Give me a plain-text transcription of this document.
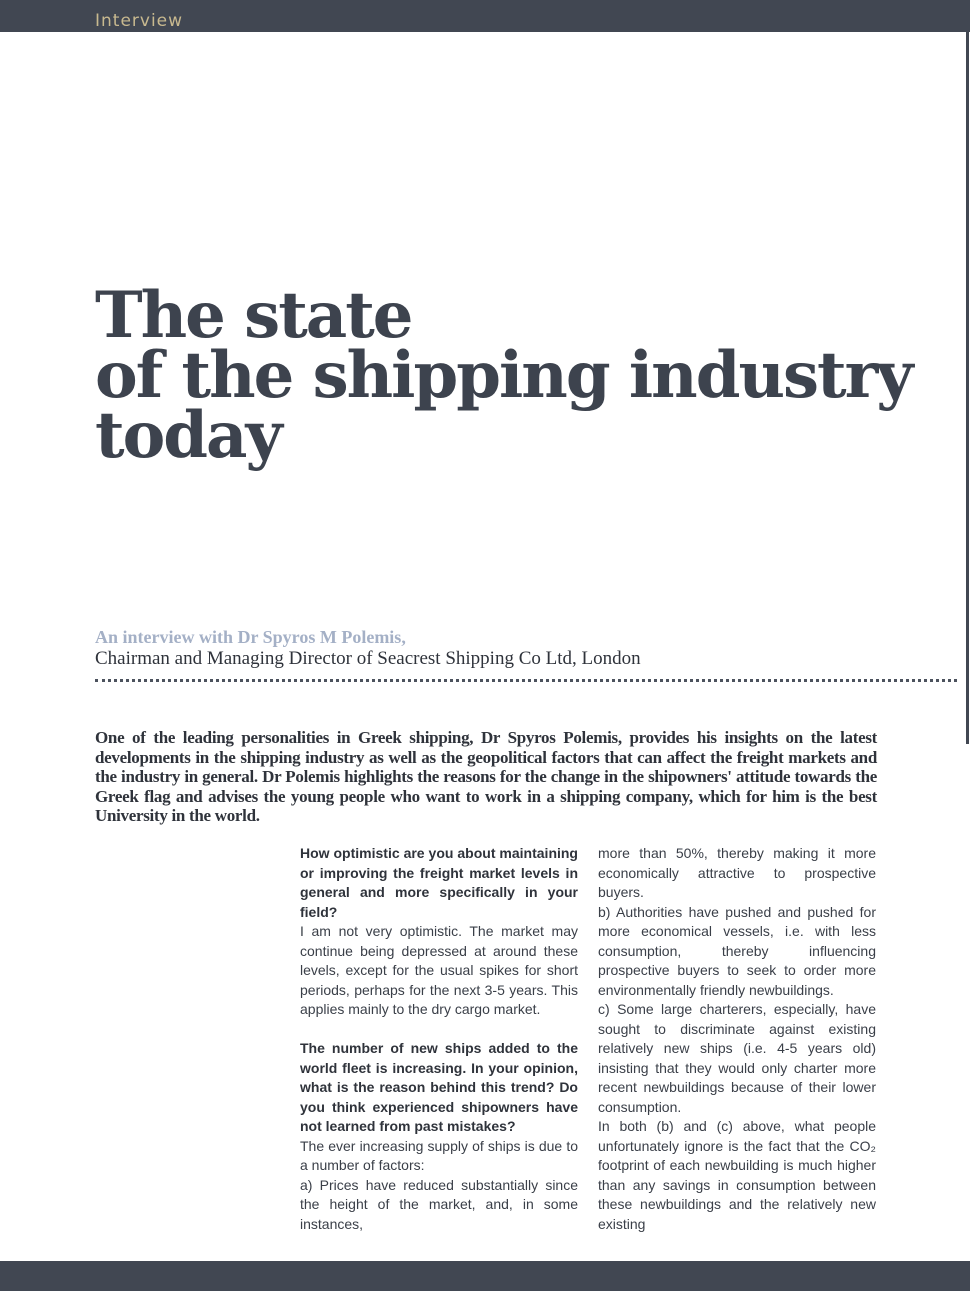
Interview
The state
of the shipping industry
today
An interview with Dr Spyros M Polemis,
Chairman and Managing Director of Seacrest Shipping Co Ltd, London

One of the leading personalities in Greek shipping, Dr Spyros Polemis, provides his insights on the latest developments in the shipping industry as well as the geopolitical factors that can affect the freight markets and the industry in general. Dr Polemis highlights the reasons for the change in the shipowners' attitude towards the Greek flag and advises the young people who want to work in a shipping company, which for him is the best University in the world.

How optimistic are you about maintaining or improving the freight market levels in general and more specifically in your field?

I am not very optimistic. The market may continue being depressed at around these levels, except for the usual spikes for short periods, perhaps for the next 3-5 years. This applies mainly to the dry cargo market.

The number of new ships added to the world fleet is increasing. In your opinion, what is the reason behind this trend? Do you think experienced shipowners have not learned from past mistakes?

The ever increasing supply of ships is due to a number of factors:

a) Prices have reduced substantially since the height of the market, and, in some instances,

more than 50%, thereby making it more economically attractive to prospective buyers.

b) Authorities have pushed and pushed for more economical vessels, i.e. with less consumption, thereby influencing prospective buyers to seek to order more environmentally friendly newbuildings.

c) Some large charterers, especially, have sought to discriminate against existing relatively new ships (i.e. 4-5 years old) insisting that they would only charter more recent newbuildings because of their lower consumption.

In both (b) and (c) above, what people unfortunately ignore is the fact that the CO₂ footprint of each newbuilding is much higher than any savings in consumption between these newbuildings and the relatively new existing
